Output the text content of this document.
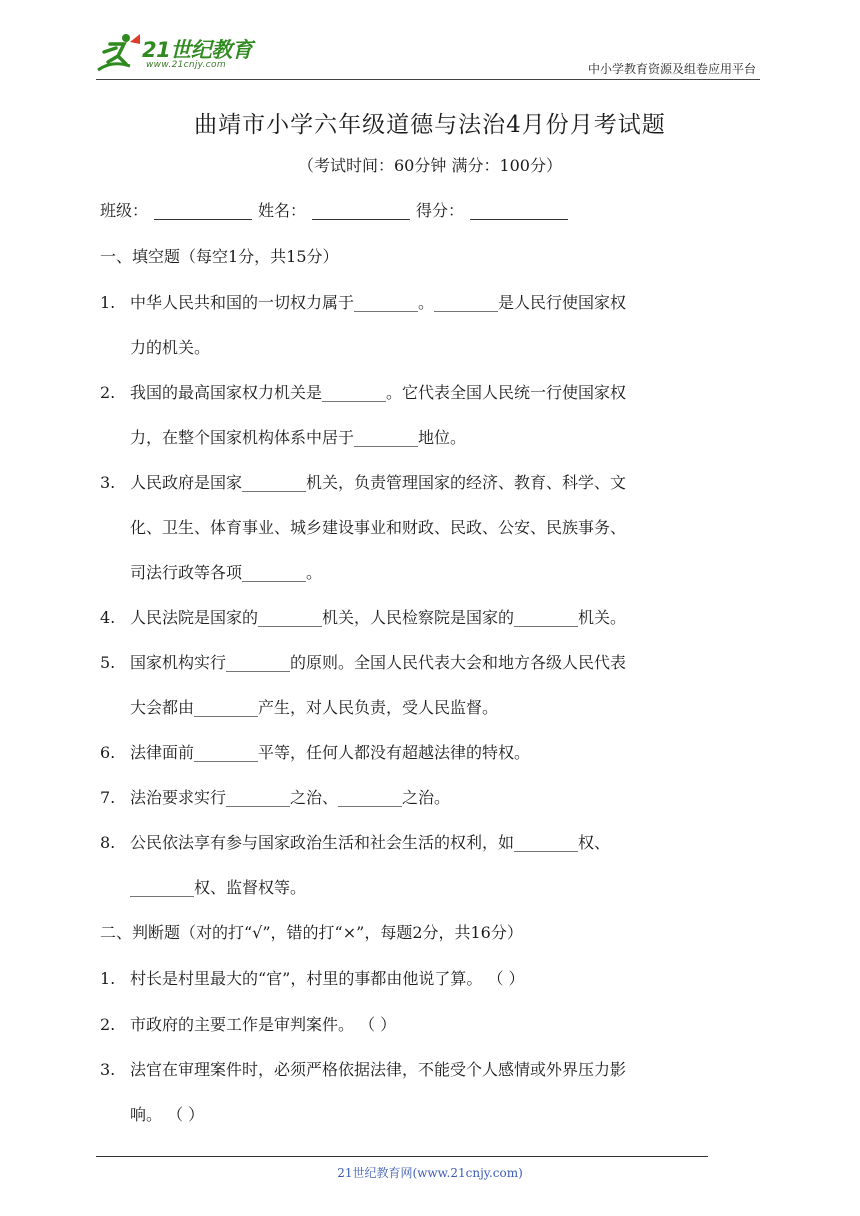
21世纪教育
www.21cnjy.com	中小学教育资源及组卷应用平台
曲靖市小学六年级道德与法治4月份月考试题
（考试时间：60分钟 满分：100分）
班级：	姓名：	得分：
一、填空题（每空1分，共15分）
1. 中华人民共和国的一切权力属于________。________是人民行使国家权
力的机关。
2. 我国的最高国家权力机关是________。它代表全国人民统一行使国家权
力，在整个国家机构体系中居于________地位。
3. 人民政府是国家________机关，负责管理国家的经济、教育、科学、文
化、卫生、体育事业、城乡建设事业和财政、民政、公安、民族事务、
司法行政等各项________。
4. 人民法院是国家的________机关，人民检察院是国家的________机关。
5. 国家机构实行________的原则。全国人民代表大会和地方各级人民代表
大会都由________产生，对人民负责，受人民监督。
6. 法律面前________平等，任何人都没有超越法律的特权。
7. 法治要求实行________之治、________之治。
8. 公民依法享有参与国家政治生活和社会生活的权利，如________权、
________权、监督权等。
二、判断题（对的打“√”，错的打“×”，每题2分，共16分）
1. 村长是村里最大的“官”，村里的事都由他说了算。 （ ）
2. 市政府的主要工作是审判案件。 （ ）
3. 法官在审理案件时，必须严格依据法律，不能受个人感情或外界压力影
响。 （ ）
21世纪教育网(www.21cnjy.com)
